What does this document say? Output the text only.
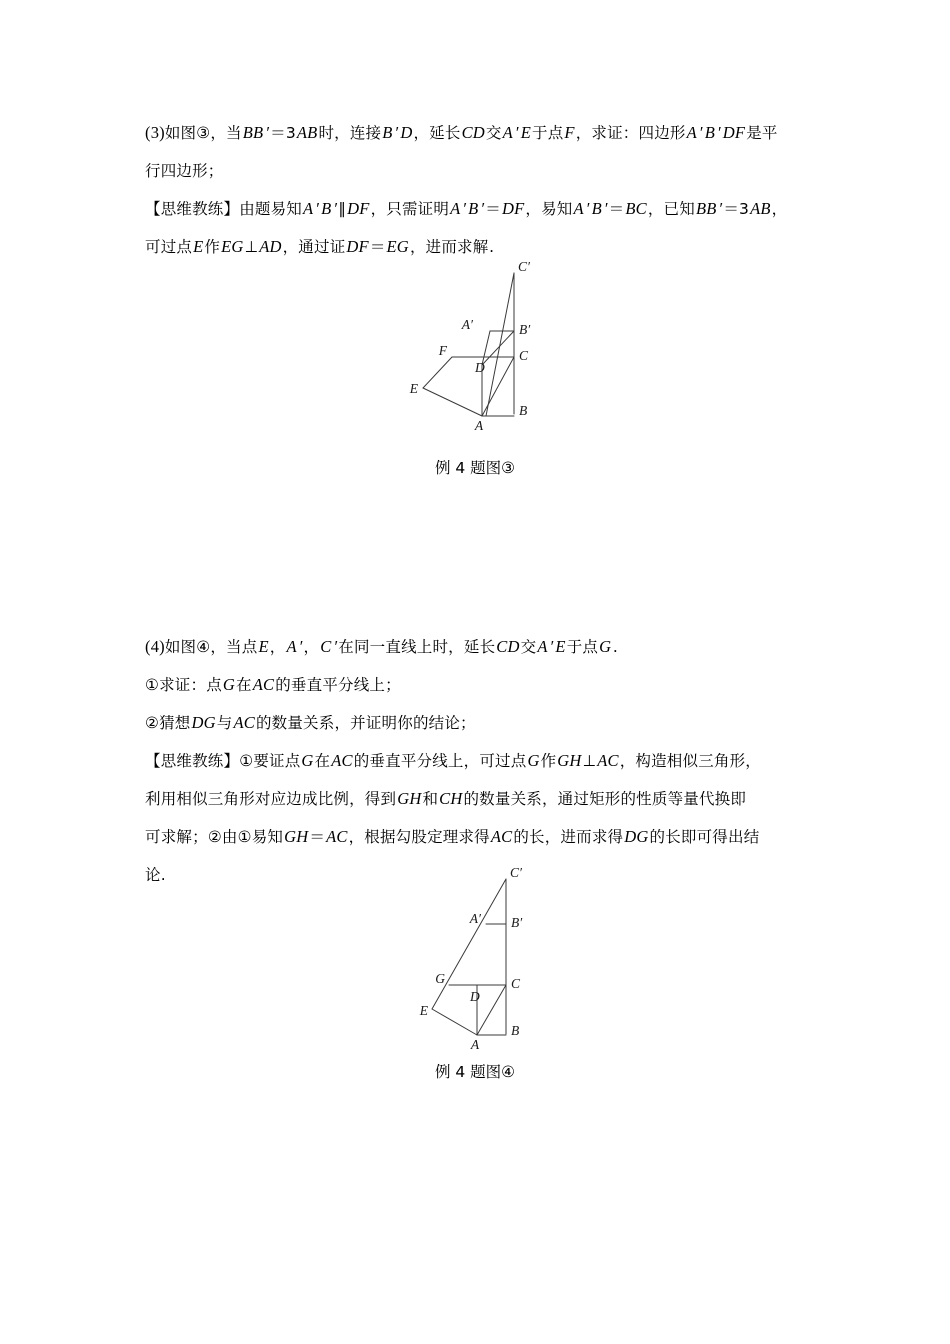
(3)如图③，当BB ′＝3AB时，连接B ′ D，延长CD交A ′ E于点F，求证：四边形A ′ B ′ DF是平
行四边形；
【思维教练】由题易知A ′ B ′∥DF，只需证明A ′ B ′＝DF，易知A ′ B ′＝BC，已知BB ′＝3AB，
可过点E作EG⊥AD，通过证DF＝EG，进而求解.
C′
A′	B′
F
D
C
E
A
B
例 4 题图③
(4)如图④，当点E，A ′，C ′在同一直线上时，延长CD交A ′ E于点G .
①求证：点G在AC的垂直平分线上；
②猜想DG与AC的数量关系，并证明你的结论；
【思维教练】①要证点G在AC的垂直平分线上，可过点G作GH⊥AC，构造相似三角形，
利用相似三角形对应边成比例，得到GH和CH的数量关系，通过矩形的性质等量代换即
可求解；②由①易知GH＝AC，根据勾股定理求得AC的长，进而求得DG的长即可得出结
论.	C′
A′ B′
G
D
C
E
A
B
例 4 题图④
